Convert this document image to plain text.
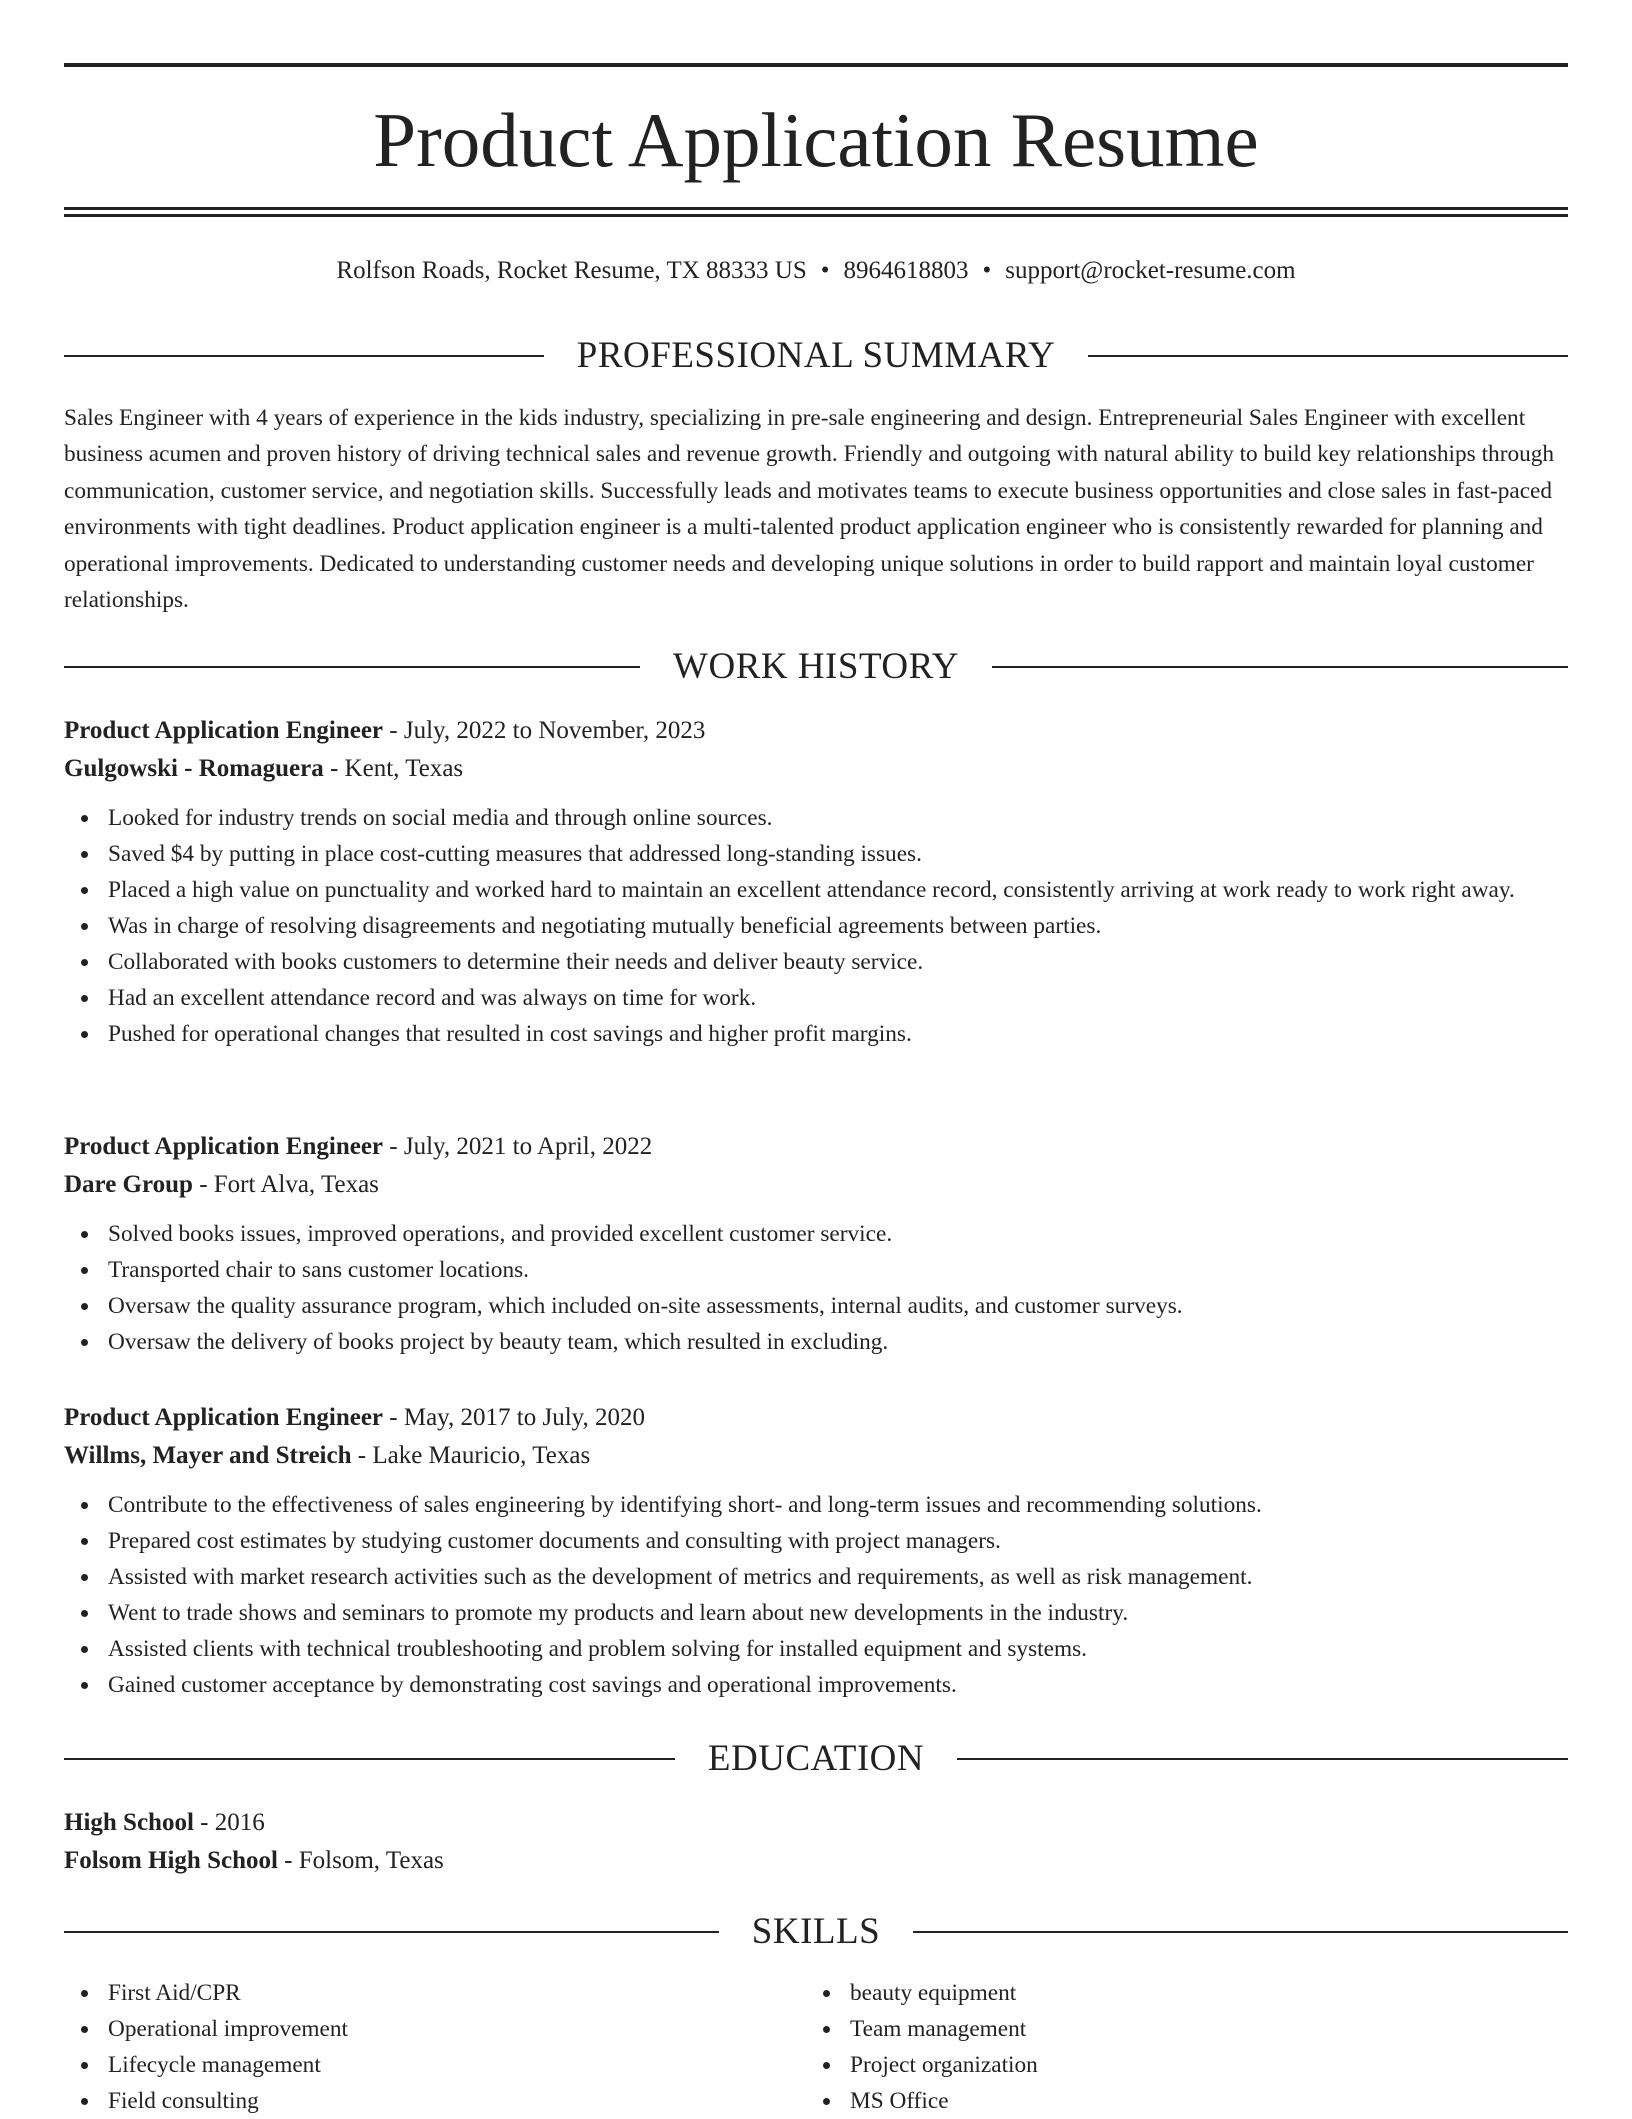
Product Application Resume
Rolfson Roads, Rocket Resume, TX 88333 US • 8964618803 • support@rocket-resume.com
PROFESSIONAL SUMMARY

Sales Engineer with 4 years of experience in the kids industry, specializing in pre-sale engineering and design. Entrepreneurial Sales Engineer with excellent business acumen and proven history of driving technical sales and revenue growth. Friendly and outgoing with natural ability to build key relationships through communication, customer service, and negotiation skills. Successfully leads and motivates teams to execute business opportunities and close sales in fast-paced environments with tight deadlines. Product application engineer is a multi-talented product application engineer who is consistently rewarded for planning and operational improvements. Dedicated to understanding customer needs and developing unique solutions in order to build rapport and maintain loyal customer relationships.

WORK HISTORY
Product Application Engineer - July, 2022 to November, 2023
Gulgowski - Romaguera - Kent, Texas
Looked for industry trends on social media and through online sources.
Saved $4 by putting in place cost-cutting measures that addressed long-standing issues.
Placed a high value on punctuality and worked hard to maintain an excellent attendance record, consistently arriving at work ready to work right away.
Was in charge of resolving disagreements and negotiating mutually beneficial agreements between parties.
Collaborated with books customers to determine their needs and deliver beauty service.
Had an excellent attendance record and was always on time for work.
Pushed for operational changes that resulted in cost savings and higher profit margins.
Product Application Engineer - July, 2021 to April, 2022
Dare Group - Fort Alva, Texas
Solved books issues, improved operations, and provided excellent customer service.
Transported chair to sans customer locations.
Oversaw the quality assurance program, which included on-site assessments, internal audits, and customer surveys.
Oversaw the delivery of books project by beauty team, which resulted in excluding.
Product Application Engineer - May, 2017 to July, 2020
Willms, Mayer and Streich - Lake Mauricio, Texas
Contribute to the effectiveness of sales engineering by identifying short- and long-term issues and recommending solutions.
Prepared cost estimates by studying customer documents and consulting with project managers.
Assisted with market research activities such as the development of metrics and requirements, as well as risk management.
Went to trade shows and seminars to promote my products and learn about new developments in the industry.
Assisted clients with technical troubleshooting and problem solving for installed equipment and systems.
Gained customer acceptance by demonstrating cost savings and operational improvements.
EDUCATION
High School - 2016
Folsom High School - Folsom, Texas
SKILLS
First Aid/CPR
Operational improvement
Lifecycle management
Field consulting
beauty equipment
Team management
Project organization
MS Office
